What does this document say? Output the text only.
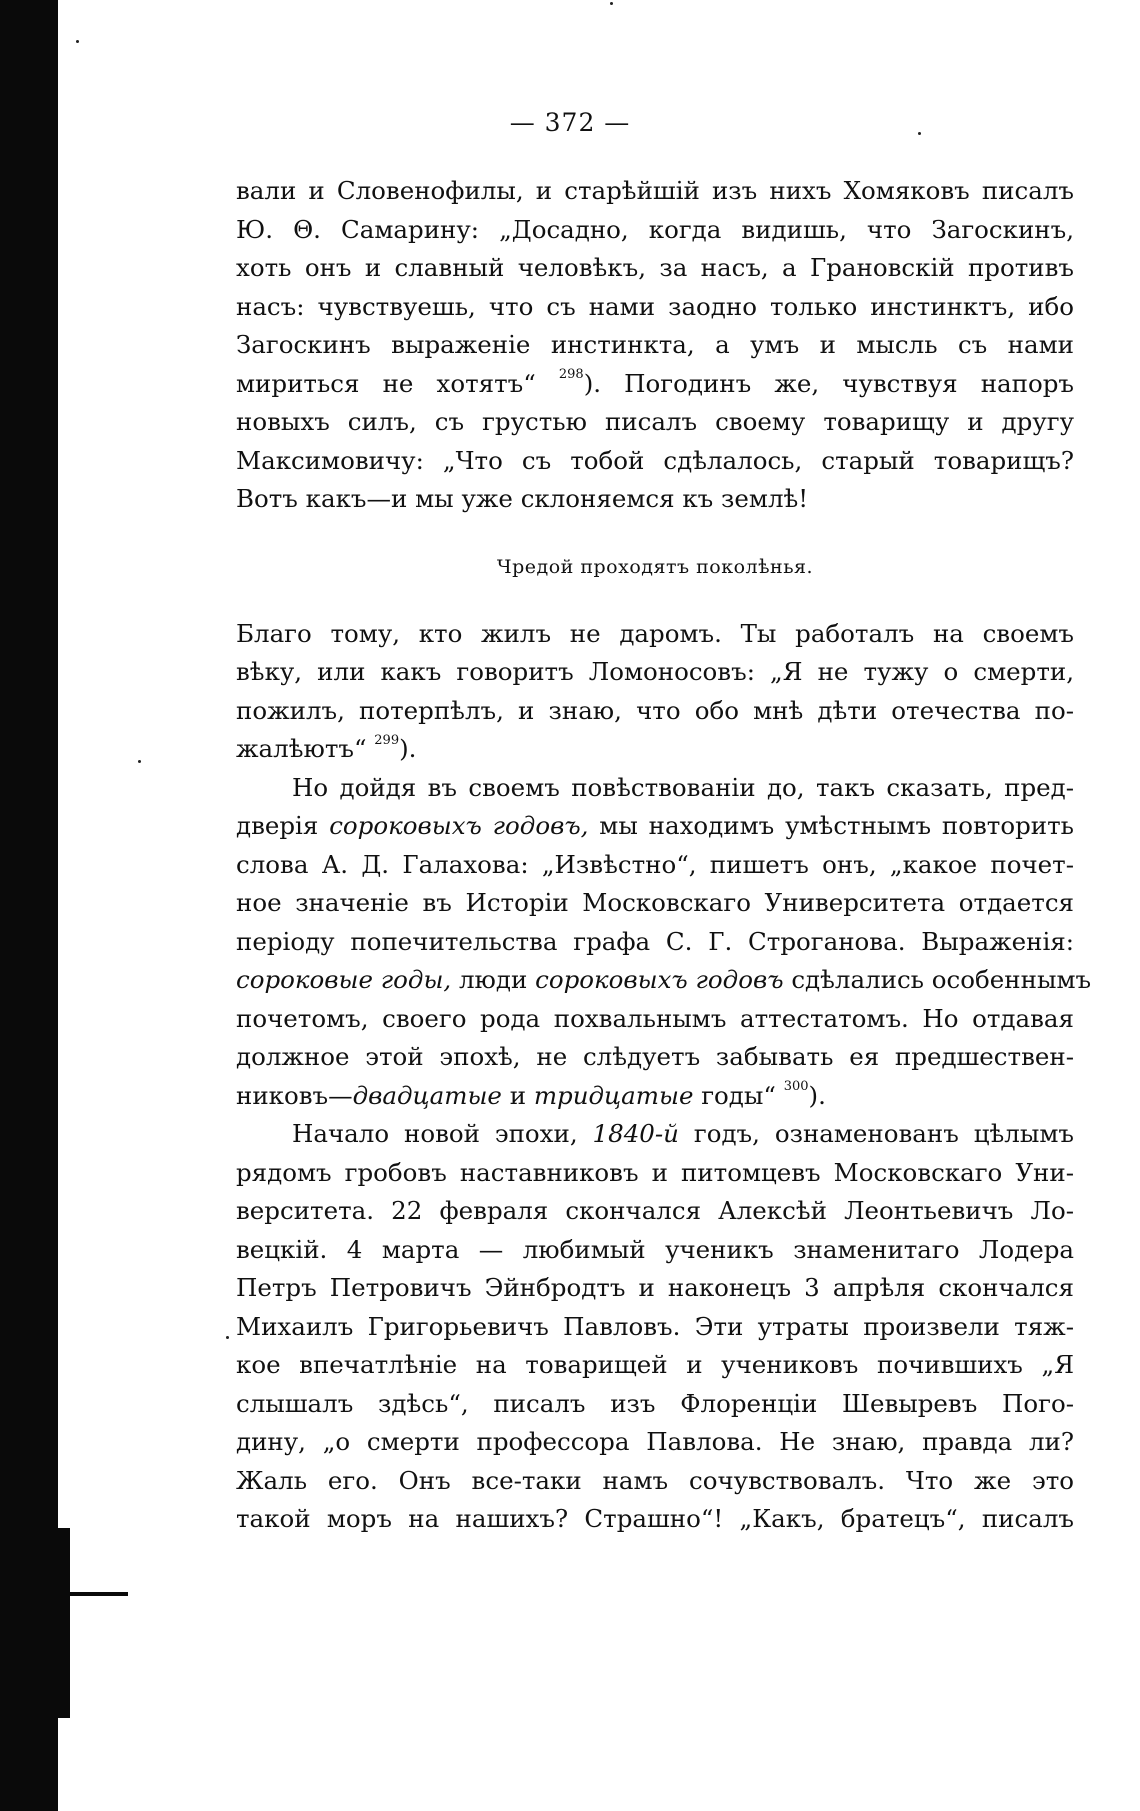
— 372 —
вали и Словенофилы, и старѣйшій изъ нихъ Хомяковъ писалъ
Ю. Θ. Самарину: „Досадно, когда видишь, что Загоскинъ,
хоть онъ и славный человѣкъ, за насъ, а Грановскій противъ
насъ: чувствуешь, что съ нами заодно только инстинктъ, ибо
Загоскинъ выраженіе инстинкта, а умъ и мысль съ нами
мириться не хотятъ“ $^{298}$). Погодинъ же, чувствуя напоръ
новыхъ силъ, съ грустью писалъ своему товарищу и другу
Максимовичу: „Что съ тобой сдѣлалось, старый товарищъ?
Вотъ какъ—и мы уже склоняемся къ землѣ!
Чредой проходятъ поколѣнья.
Благо тому, кто жилъ не даромъ. Ты работалъ на своемъ
вѣку, или какъ говоритъ Ломоносовъ: „Я не тужу о смерти,
пожилъ, потерпѣлъ, и знаю, что обо мнѣ дѣти отечества по-
жалѣютъ“ $^{299}$).
Но дойдя въ своемъ повѣствованіи до, такъ сказать, пред-
дверія сороковыхъ годовъ, мы находимъ умѣстнымъ повторить
слова А. Д. Галахова: „Извѣстно“, пишетъ онъ, „какое почет-
ное значеніе въ Исторіи Московскаго Университета отдается
періоду попечительства графа С. Г. Строганова. Выраженія:
сороковые годы, люди сороковыхъ годовъ сдѣлались особеннымъ
почетомъ, своего рода похвальнымъ аттестатомъ. Но отдавая
должное этой эпохѣ, не слѣдуетъ забывать ея предшествен-
никовъ—двадцатые и тридцатые годы“ $^{300}$).
Начало новой эпохи, 1840-й годъ, ознаменованъ цѣлымъ
рядомъ гробовъ наставниковъ и питомцевъ Московскаго Уни-
верситета. 22 февраля скончался Алексѣй Леонтьевичъ Ло-
вецкій. 4 марта — любимый ученикъ знаменитаго Лодера
Петръ Петровичъ Эйнбродтъ и наконецъ 3 апрѣля скончался
Михаилъ Григорьевичъ Павловъ. Эти утраты произвели тяж-
кое впечатлѣніе на товарищей и учениковъ почившихъ „Я
слышалъ здѣсь“, писалъ изъ Флоренціи Шевыревъ Пого-
дину, „о смерти профессора Павлова. Не знаю, правда ли?
Жаль его. Онъ все-таки намъ сочувствовалъ. Что же это
такой моръ на нашихъ? Страшно“! „Какъ, братецъ“, писалъ
